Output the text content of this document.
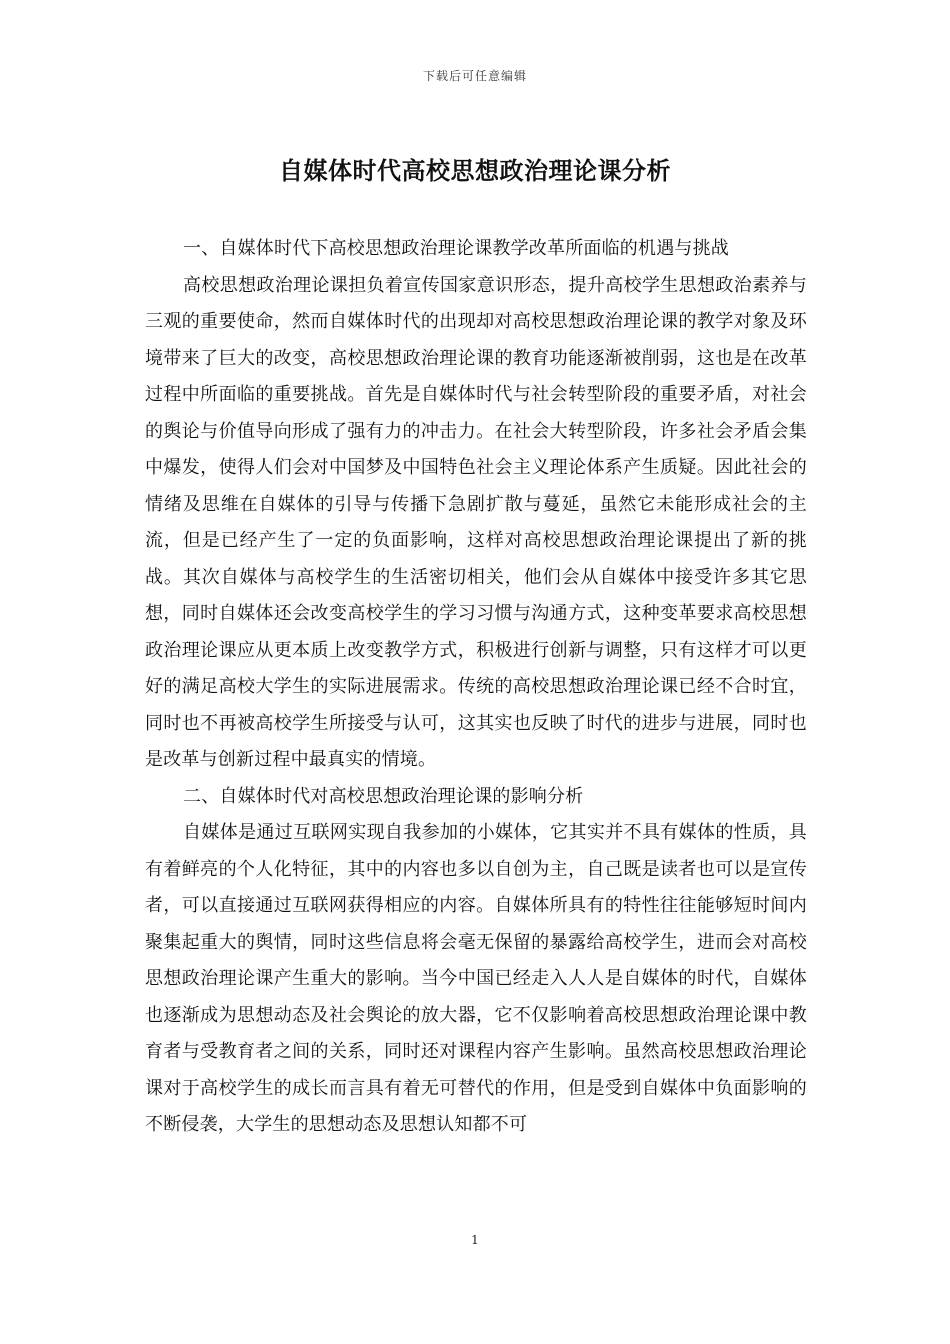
下载后可任意编辑
自媒体时代高校思想政治理论课分析

一、自媒体时代下高校思想政治理论课教学改革所面临的机遇与挑战

高校思想政治理论课担负着宣传国家意识形态，提升高校学生思想政治素养与三观的重要使命，然而自媒体时代的出现却对高校思想政治理论课的教学对象及环境带来了巨大的改变，高校思想政治理论课的教育功能逐渐被削弱，这也是在改革过程中所面临的重要挑战。首先是自媒体时代与社会转型阶段的重要矛盾，对社会的舆论与价值导向形成了强有力的冲击力。在社会大转型阶段，许多社会矛盾会集中爆发，使得人们会对中国梦及中国特色社会主义理论体系产生质疑。因此社会的情绪及思维在自媒体的引导与传播下急剧扩散与蔓延，虽然它未能形成社会的主流，但是已经产生了一定的负面影响，这样对高校思想政治理论课提出了新的挑战。其次自媒体与高校学生的生活密切相关，他们会从自媒体中接受许多其它思想，同时自媒体还会改变高校学生的学习习惯与沟通方式，这种变革要求高校思想政治理论课应从更本质上改变教学方式，积极进行创新与调整，只有这样才可以更好的满足高校大学生的实际进展需求。传统的高校思想政治理论课已经不合时宜，同时也不再被高校学生所接受与认可，这其实也反映了时代的进步与进展，同时也是改革与创新过程中最真实的情境。

二、自媒体时代对高校思想政治理论课的影响分析

自媒体是通过互联网实现自我参加的小媒体，它其实并不具有媒体的性质，具有着鲜亮的个人化特征，其中的内容也多以自创为主，自己既是读者也可以是宣传者，可以直接通过互联网获得相应的内容。自媒体所具有的特性往往能够短时间内聚集起重大的舆情，同时这些信息将会毫无保留的暴露给高校学生，进而会对高校思想政治理论课产生重大的影响。当今中国已经走入人人是自媒体的时代，自媒体也逐渐成为思想动态及社会舆论的放大器，它不仅影响着高校思想政治理论课中教育者与受教育者之间的关系，同时还对课程内容产生影响。虽然高校思想政治理论课对于高校学生的成长而言具有着无可替代的作用，但是受到自媒体中负面影响的不断侵袭，大学生的思想动态及思想认知都不可

1
